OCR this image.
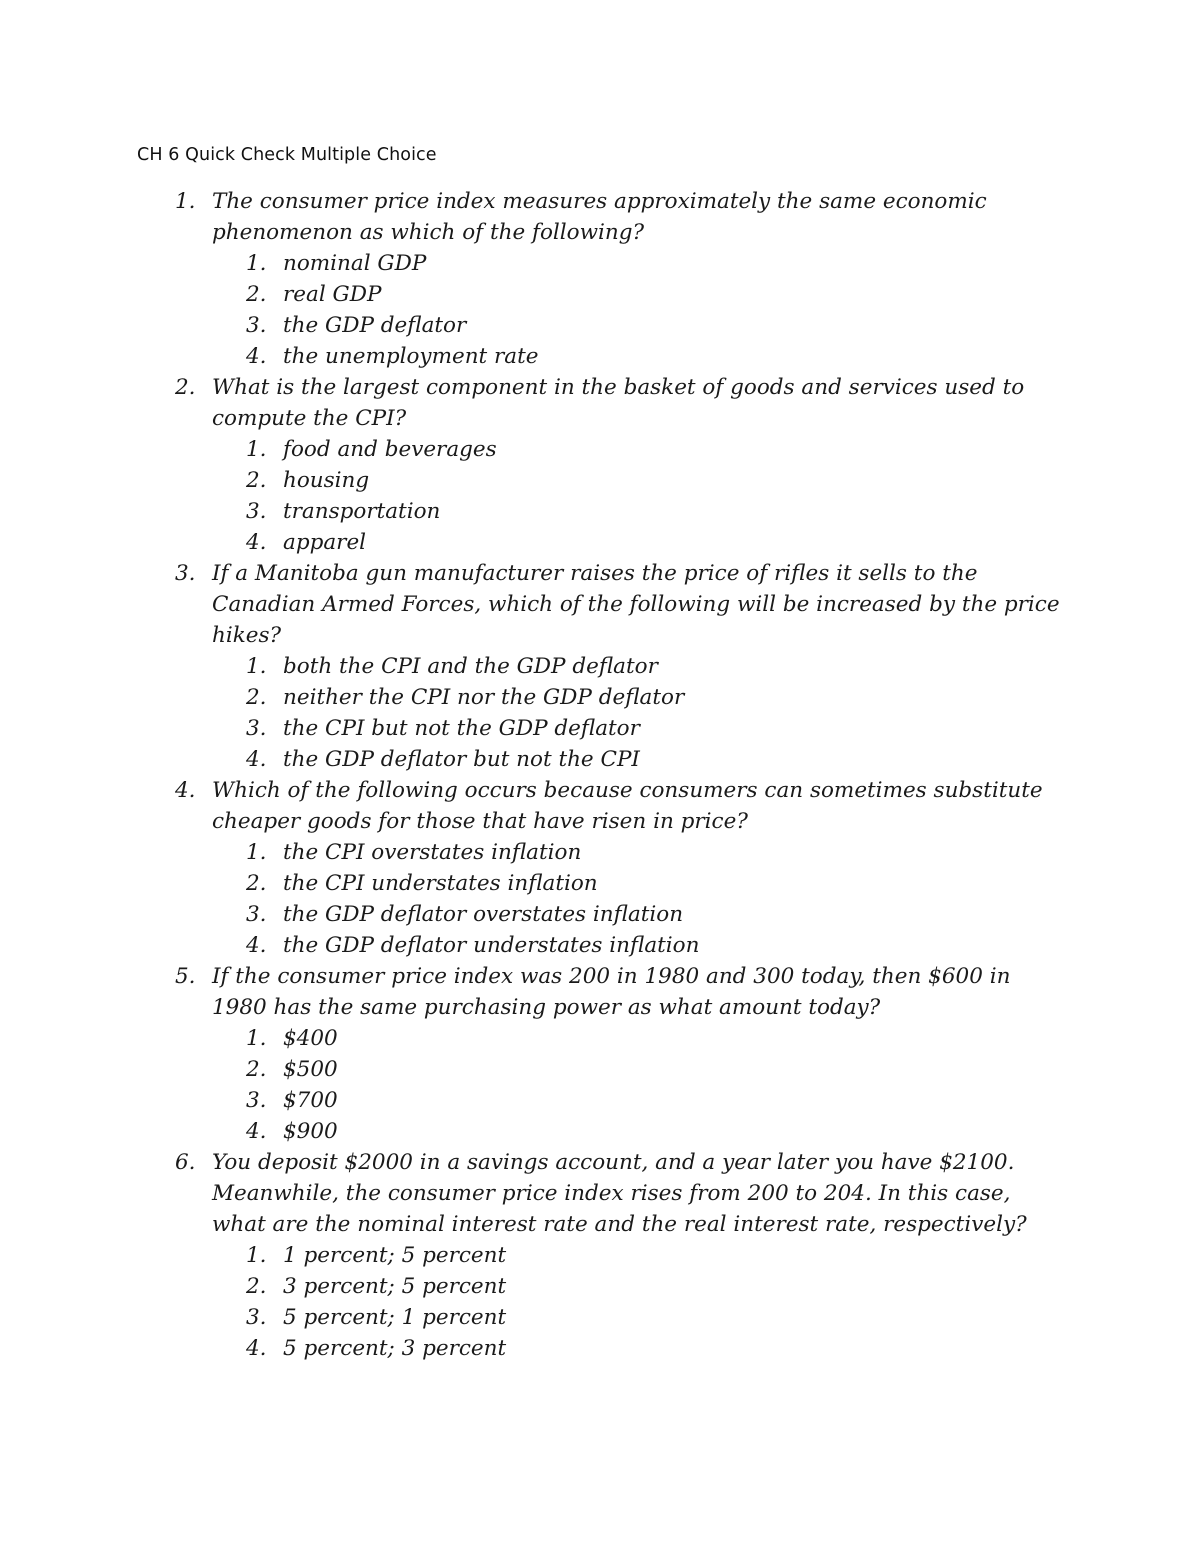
CH 6 Quick Check Multiple Choice
1. The consumer price index measures approximately the same economic phenomenon as which of the following?
1. nominal GDP
2. real GDP
3. the GDP deflator
4. the unemployment rate
2. What is the largest component in the basket of goods and services used to compute the CPI?
1. food and beverages
2. housing
3. transportation
4. apparel
3. If a Manitoba gun manufacturer raises the price of rifles it sells to the Canadian Armed Forces, which of the following will be increased by the price hikes?
1. both the CPI and the GDP deflator
2. neither the CPI nor the GDP deflator
3. the CPI but not the GDP deflator
4. the GDP deflator but not the CPI
4. Which of the following occurs because consumers can sometimes substitute cheaper goods for those that have risen in price?
1. the CPI overstates inflation
2. the CPI understates inflation
3. the GDP deflator overstates inflation
4. the GDP deflator understates inflation
5. If the consumer price index was 200 in 1980 and 300 today, then $600 in 1980 has the same purchasing power as what amount today?
1. $400
2. $500
3. $700
4. $900
6. You deposit $2000 in a savings account, and a year later you have $2100. Meanwhile, the consumer price index rises from 200 to 204. In this case, what are the nominal interest rate and the real interest rate, respectively?
1. 1 percent; 5 percent
2. 3 percent; 5 percent
3. 5 percent; 1 percent
4. 5 percent; 3 percent
